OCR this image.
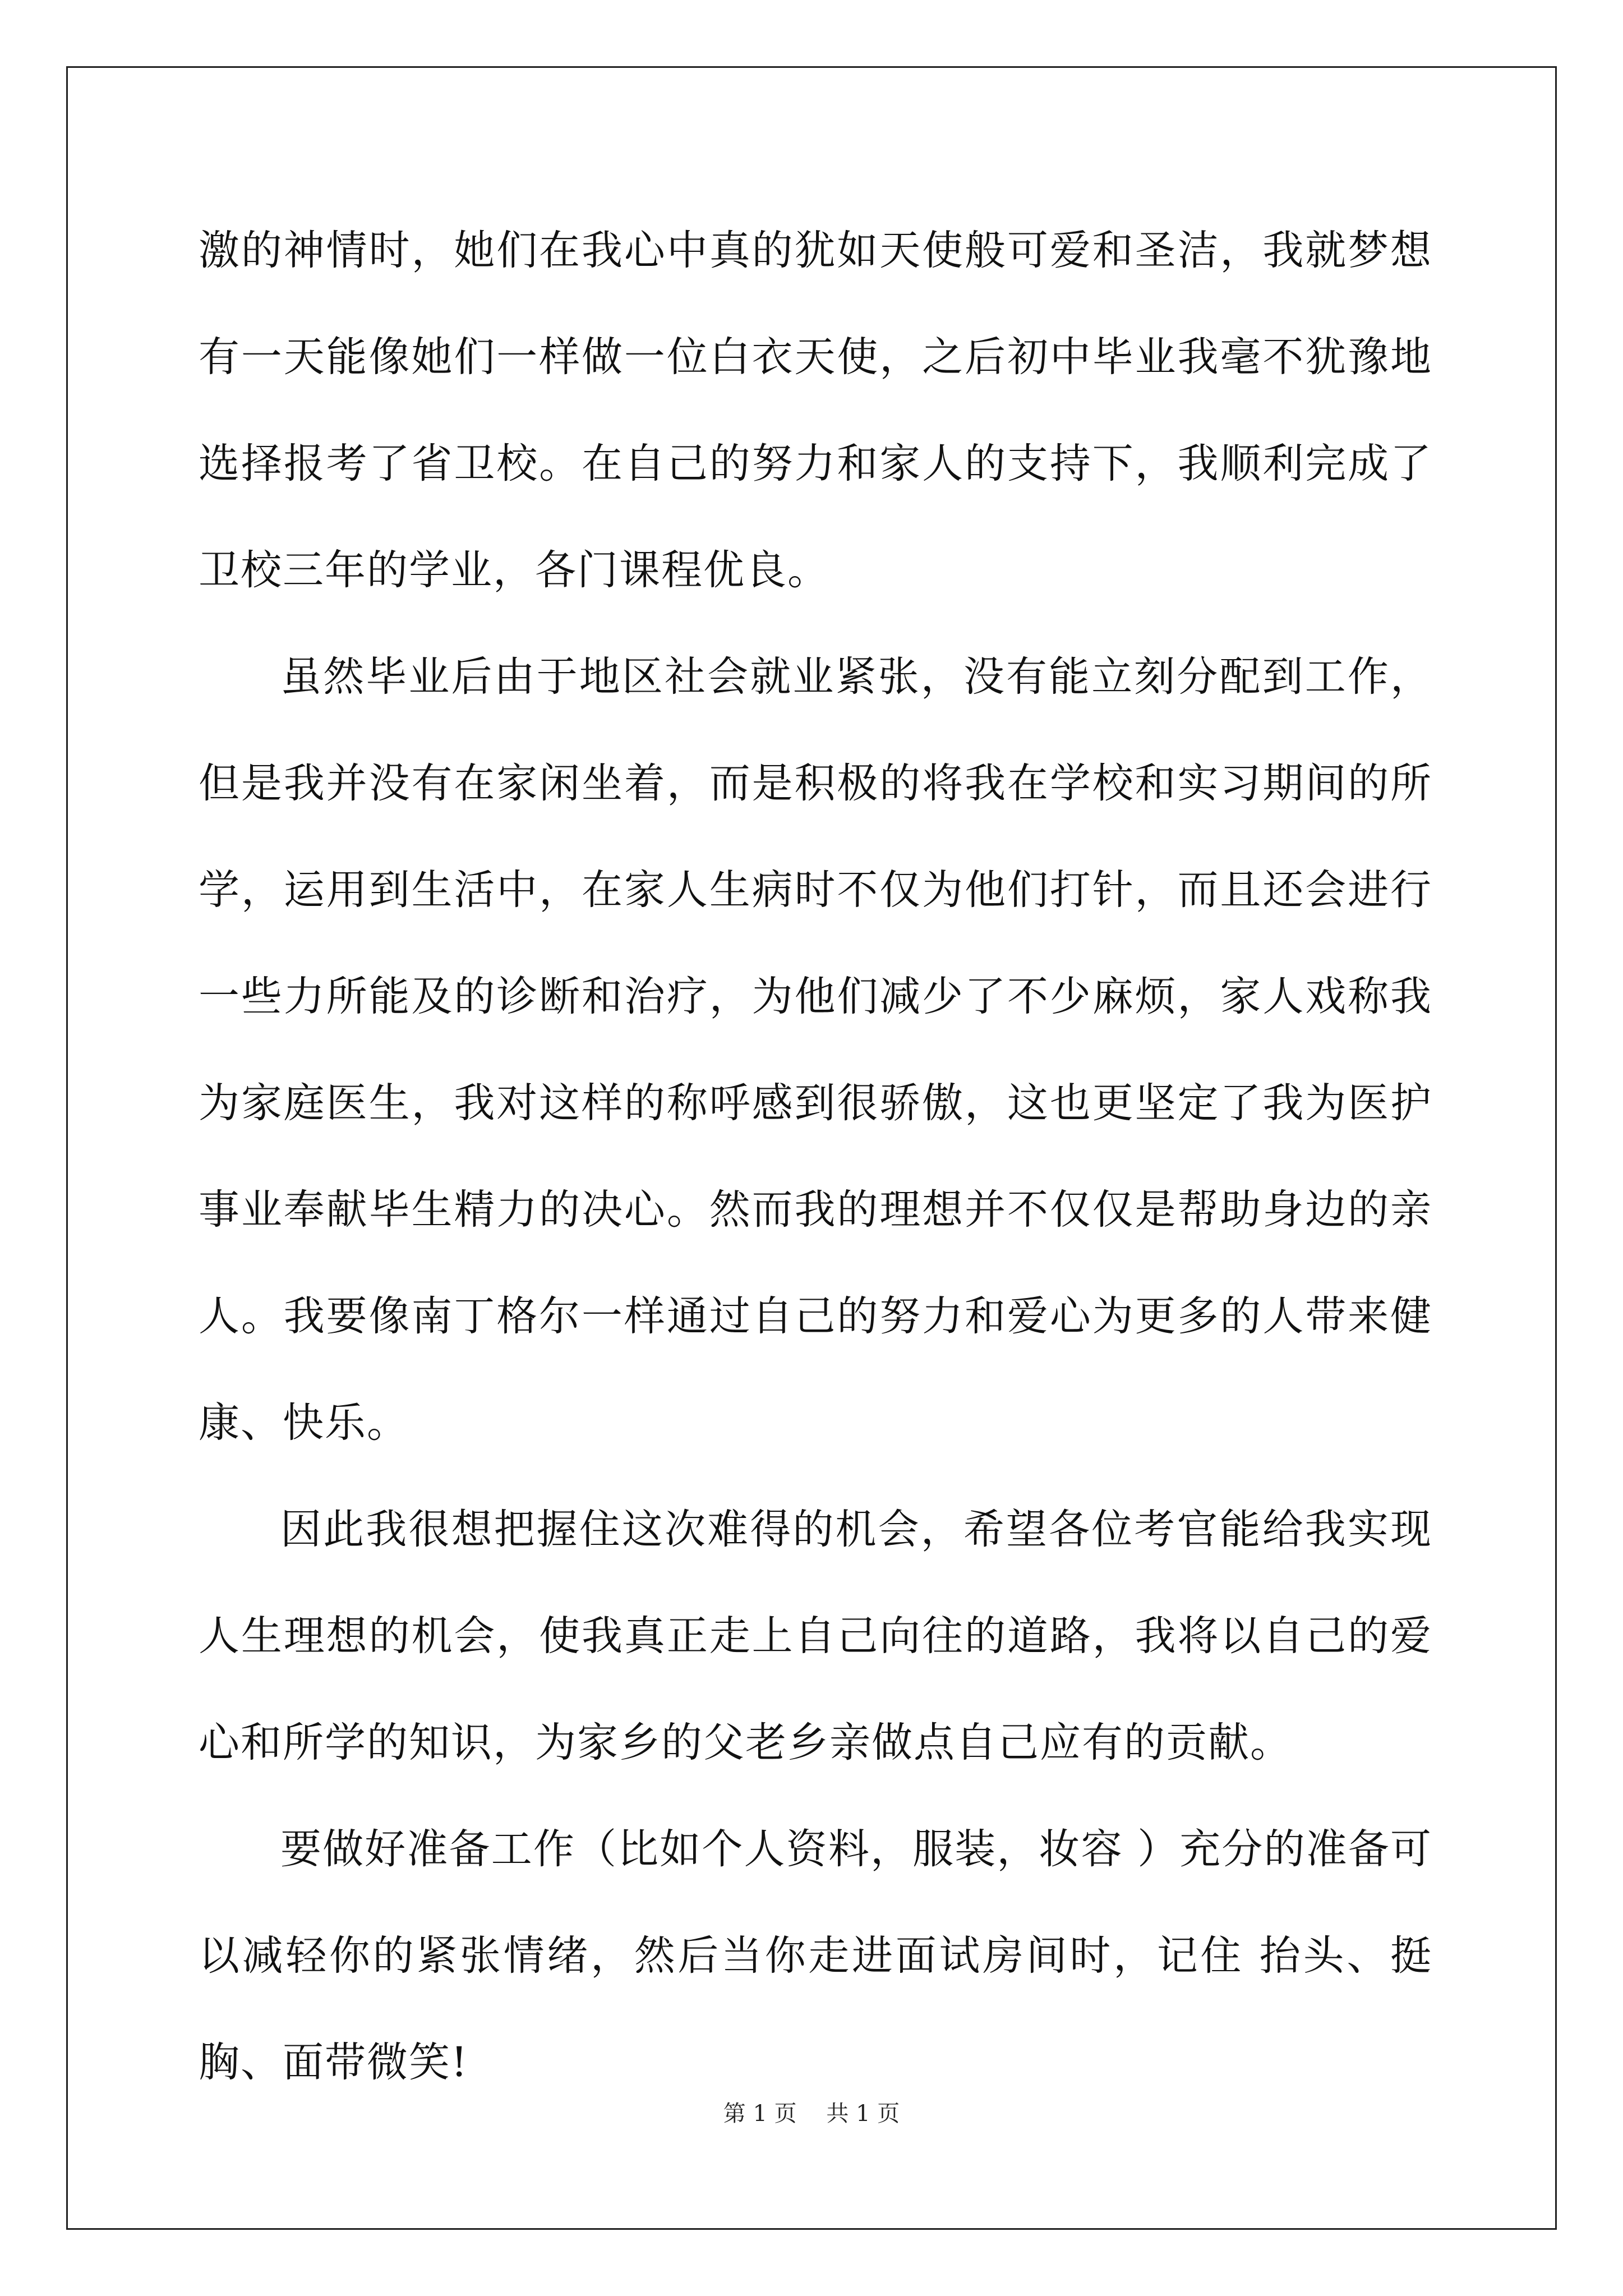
激的神情时，她们在我心中真的犹如天使般可爱和圣洁，我就梦想有一天能像她们一样做一位白衣天使，之后初中毕业我毫不犹豫地选择报考了省卫校。在自己的努力和家人的支持下，我顺利完成了卫校三年的学业，各门课程优良。

虽然毕业后由于地区社会就业紧张，没有能立刻分配到工作，但是我并没有在家闲坐着，而是积极的将我在学校和实习期间的所学，运用到生活中，在家人生病时不仅为他们打针，而且还会进行一些力所能及的诊断和治疗，为他们减少了不少麻烦，家人戏称我为家庭医生，我对这样的称呼感到很骄傲，这也更坚定了我为医护事业奉献毕生精力的决心。然而我的理想并不仅仅是帮助身边的亲人。我要像南丁格尔一样通过自己的努力和爱心为更多的人带来健康、快乐。

因此我很想把握住这次难得的机会，希望各位考官能给我实现人生理想的机会，使我真正走上自己向往的道路，我将以自己的爱心和所学的知识，为家乡的父老乡亲做点自己应有的贡献。

要做好准备工作（比如个人资料，服装，妆容 ）充分的准备可以减轻你的紧张情绪，然后当你走进面试房间时，记住 抬头、挺胸、面带微笑!

第 1 页 共 1 页
